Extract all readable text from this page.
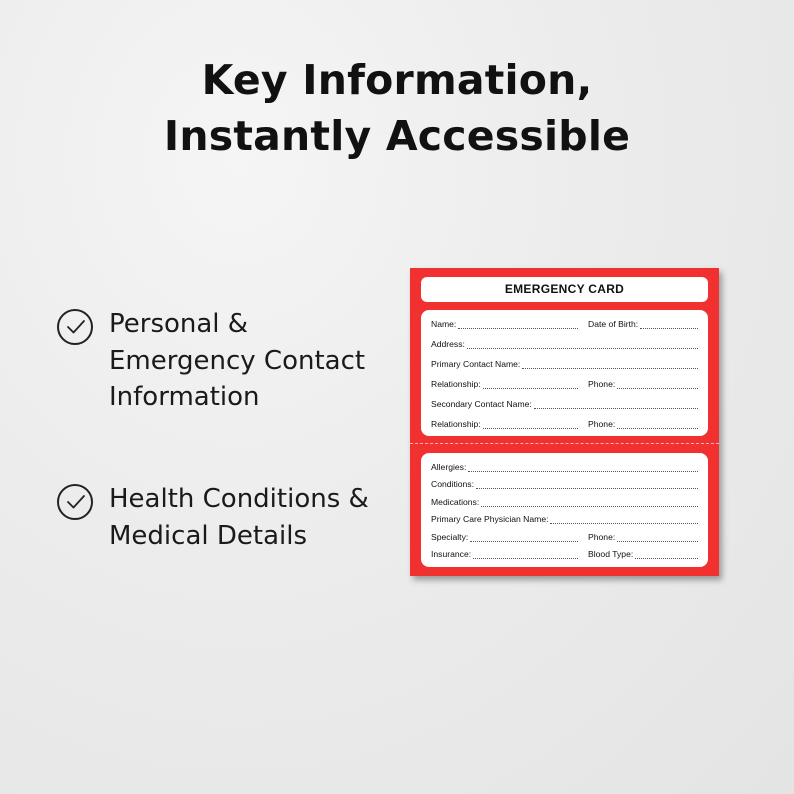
Key Information,
Instantly Accessible
Personal &
Emergency Contact
Information
Health Conditions &
Medical Details
EMERGENCY CARD
Name:	Date of Birth:
Address:
Primary Contact Name:
Relationship:	Phone:
Secondary Contact Name:
Relationship:	Phone:
Allergies:
Conditions:
Medications:
Primary Care Physician Name:
Specialty:	Phone:
Insurance:	Blood Type:
